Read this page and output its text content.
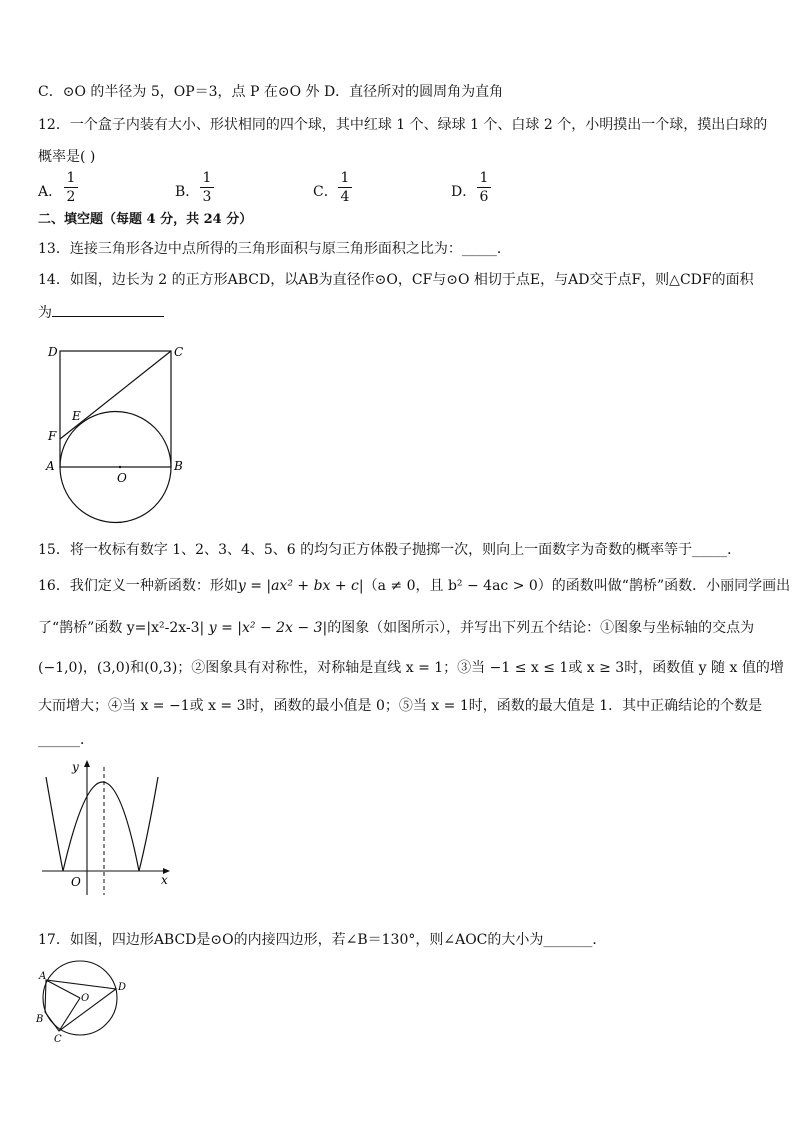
C．⊙O 的半径为 5，OP＝3，点 P 在⊙O 外 D．直径所对的圆周角为直角
12．一个盒子内装有大小、形状相同的四个球，其中红球 1 个、绿球 1 个、白球 2 个，小明摸出一个球，摸出白球的
概率是( )
A．
1
2	B．
1
3	C．
1
4	D．
1
6
二、填空题（每题 4 分，共 24 分）
13．连接三角形各边中点所得的三角形面积与原三角形面积之比为：_____．
14．如图，边长为 2 的正方形ABCD，以AB为直径作⊙O，CF与⊙O 相切于点E，与AD交于点F，则△CDF的面积
为
D	C
E
F
A	B
O
15．将一枚标有数字 1、2、3、4、5、6 的均匀正方体骰子抛掷一次，则向上一面数字为奇数的概率等于_____．
16．我们定义一种新函数：形如y = |ax² + bx + c|（a ≠ 0，且 b² − 4ac > 0）的函数叫做“鹊桥”函数．小丽同学画出
了“鹊桥”函数 y=|x²-2x-3| y = |x² − 2x − 3|的图象（如图所示），并写出下列五个结论：①图象与坐标轴的交点为
(−1,0)，(3,0)和(0,3)；②图象具有对称性，对称轴是直线 x = 1；③当 −1 ≤ x ≤ 1或 x ≥ 3时，函数值 y 随 x 值的增
大而增大；④当 x = −1或 x = 3时，函数的最小值是 0；⑤当 x = 1时，函数的最大值是 1．其中正确结论的个数是
______．
y
x
O
17．如图，四边形ABCD是⊙O的内接四边形，若∠B＝130°，则∠AOC的大小为_______．
A
B
C
D
O
